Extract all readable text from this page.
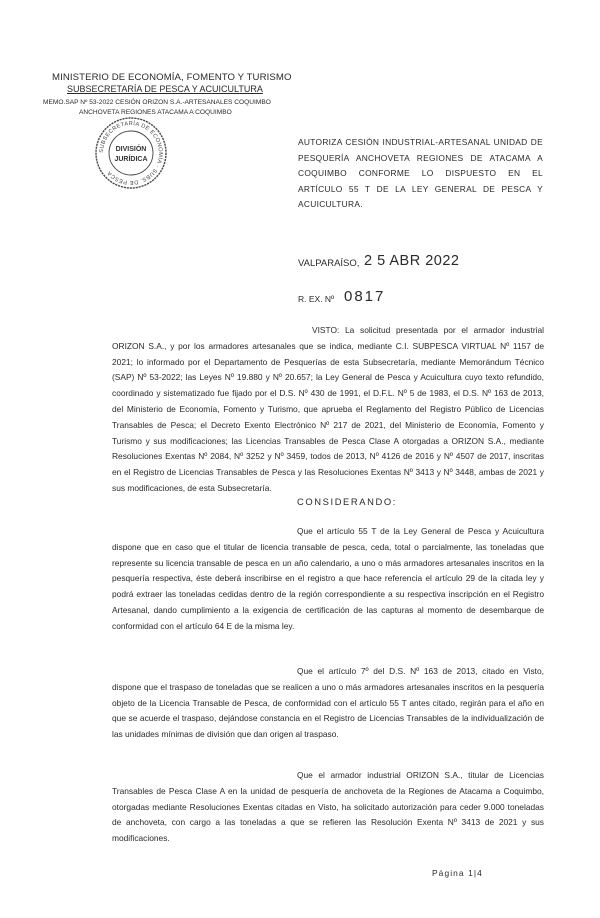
MINISTERIO DE ECONOMÍA, FOMENTO Y TURISMO
SUBSECRETARÍA DE PESCA Y ACUICULTURA
MEMO.SAP Nº 53-2022 CESIÓN ORIZON S.A.-ARTESANALES COQUIMBO
ANCHOVETA REGIONES ATACAMA A COQUIMBO
SUBSECRETARÍA DE ECONOMÍA · SUBS. DE PESCA
DIVISIÓN
JURÍDICA
AUTORIZA CESIÓN INDUSTRIAL-ARTESANAL UNIDAD DE PESQUERÍA ANCHOVETA REGIONES DE ATACAMA A COQUIMBO CONFORME LO DISPUESTO EN EL ARTÍCULO 55 T DE LA LEY GENERAL DE PESCA Y ACUICULTURA.
VALPARAÍSO, 2 5 ABR 2022
R. EX. Nº 0817
VISTO: La solicitud presentada por el armador industrial ORIZON S.A., y por los armadores artesanales que se indica, mediante C.I. SUBPESCA VIRTUAL Nº 1157 de 2021; lo informado por el Departamento de Pesquerías de esta Subsecretaría, mediante Memorándum Técnico (SAP) Nº 53-2022; las Leyes Nº 19.880 y Nº 20.657; la Ley General de Pesca y Acuicultura cuyo texto refundido, coordinado y sistematizado fue fijado por el D.S. Nº 430 de 1991, el D.F.L. Nº 5 de 1983, el D.S. Nº 163 de 2013, del Ministerio de Economía, Fomento y Turismo, que aprueba el Reglamento del Registro Público de Licencias Transables de Pesca; el Decreto Exento Electrónico Nº 217 de 2021, del Ministerio de Economía, Fomento y Turismo y sus modificaciones; las Licencias Transables de Pesca Clase A otorgadas a ORIZON S.A., mediante Resoluciones Exentas Nº 2084, Nº 3252 y Nº 3459, todos de 2013, Nº 4126 de 2016 y Nº 4507 de 2017, inscritas en el Registro de Licencias Transables de Pesca y las Resoluciones Exentas Nº 3413 y Nº 3448, ambas de 2021 y sus modificaciones, de esta Subsecretaría.
CONSIDERANDO:
Que el artículo 55 T de la Ley General de Pesca y Acuicultura dispone que en caso que el titular de licencia transable de pesca, ceda, total o parcialmente, las toneladas que represente su licencia transable de pesca en un año calendario, a uno o más armadores artesanales inscritos en la pesquería respectiva, éste deberá inscribirse en el registro a que hace referencia el artículo 29 de la citada ley y podrá extraer las toneladas cedidas dentro de la región correspondiente a su respectiva inscripción en el Registro Artesanal, dando cumplimiento a la exigencia de certificación de las capturas al momento de desembarque de conformidad con el artículo 64 E de la misma ley.
Que el artículo 7º del D.S. Nº 163 de 2013, citado en Visto, dispone que el traspaso de toneladas que se realicen a uno o más armadores artesanales inscritos en la pesquería objeto de la Licencia Transable de Pesca, de conformidad con el artículo 55 T antes citado, regirán para el año en que se acuerde el traspaso, dejándose constancia en el Registro de Licencias Transables de la individualización de las unidades mínimas de división que dan origen al traspaso.
Que el armador industrial ORIZON S.A., titular de Licencias Transables de Pesca Clase A en la unidad de pesquería de anchoveta de la Regiones de Atacama a Coquimbo, otorgadas mediante Resoluciones Exentas citadas en Visto, ha solicitado autorización para ceder 9.000 toneladas de anchoveta, con cargo a las toneladas a que se refieren las Resolución Exenta Nº 3413 de 2021 y sus modificaciones.
Página 1|4
